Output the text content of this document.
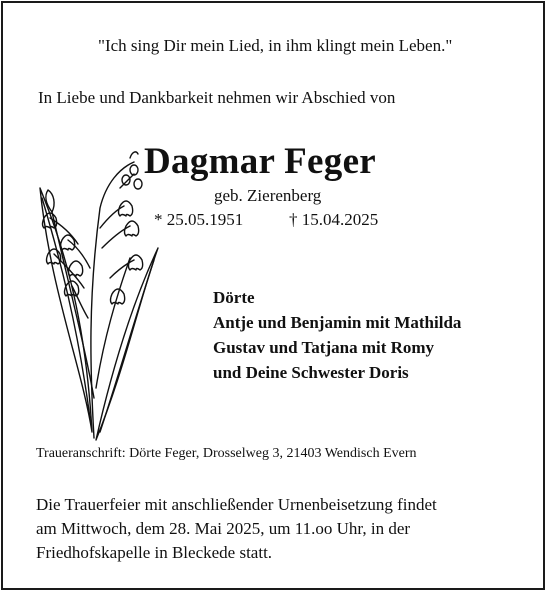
"Ich sing Dir mein Lied, in ihm klingt mein Leben."
In Liebe und Dankbarkeit nehmen wir Abschied von
Dagmar Feger
geb. Zierenberg
* 25.05.1951	† 15.04.2025
Dörte
Antje und Benjamin mit Mathilda
Gustav und Tatjana mit Romy
und Deine Schwester Doris
Traueranschrift: Dörte Feger, Drosselweg 3, 21403 Wendisch Evern
Die Trauerfeier mit anschließender Urnenbeisetzung findet
am Mittwoch, dem 28. Mai 2025, um 11.oo Uhr, in der
Friedhofskapelle in Bleckede statt.
